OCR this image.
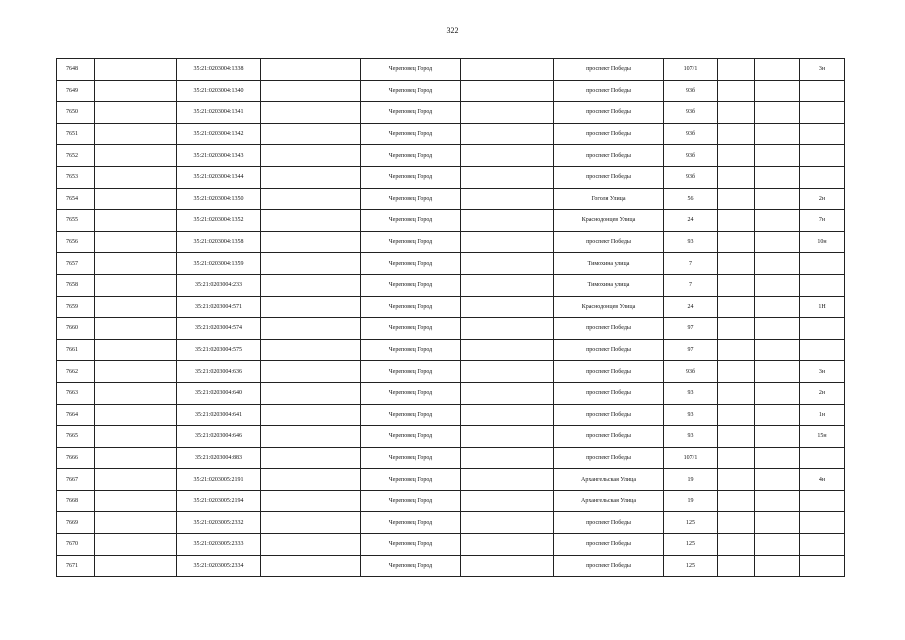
322
7648		35:21:0203004:1338		Череповец Город		проспект Победы	107/1			3н
7649		35:21:0203004:1340		Череповец Город		проспект Победы	93б			
7650		35:21:0203004:1341		Череповец Город		проспект Победы	93б			
7651		35:21:0203004:1342		Череповец Город		проспект Победы	93б			
7652		35:21:0203004:1343		Череповец Город		проспект Победы	93б			
7653		35:21:0203004:1344		Череповец Город		проспект Победы	93б			
7654		35:21:0203004:1350		Череповец Город		Гоголя Улица	56			2н
7655		35:21:0203004:1352		Череповец Город		Краснодонцев Улица	24			7н
7656		35:21:0203004:1358		Череповец Город		проспект Победы	93			10н
7657		35:21:0203004:1359		Череповец Город		Тимохина улица	7			
7658		35:21:0203004:233		Череповец Город		Тимохина улица	7			
7659		35:21:0203004:571		Череповец Город		Краснодонцев Улица	24			1Н
7660		35:21:0203004:574		Череповец Город		проспект Победы	97			
7661		35:21:0203004:575		Череповец Город		проспект Победы	97			
7662		35:21:0203004:636		Череповец Город		проспект Победы	93б			3н
7663		35:21:0203004:640		Череповец Город		проспект Победы	93			2н
7664		35:21:0203004:641		Череповец Город		проспект Победы	93			1н
7665		35:21:0203004:646		Череповец Город		проспект Победы	93			15н
7666		35:21:0203004:883		Череповец Город		проспект Победы	107/1			
7667		35:21:0203005:2191		Череповец Город		Архангельская Улица	19			4н
7668		35:21:0203005:2194		Череповец Город		Архангельская Улица	19			
7669		35:21:0203005:2332		Череповец Город		проспект Победы	125			
7670		35:21:0203005:2333		Череповец Город		проспект Победы	125			
7671		35:21:0203005:2334		Череповец Город		проспект Победы	125			
